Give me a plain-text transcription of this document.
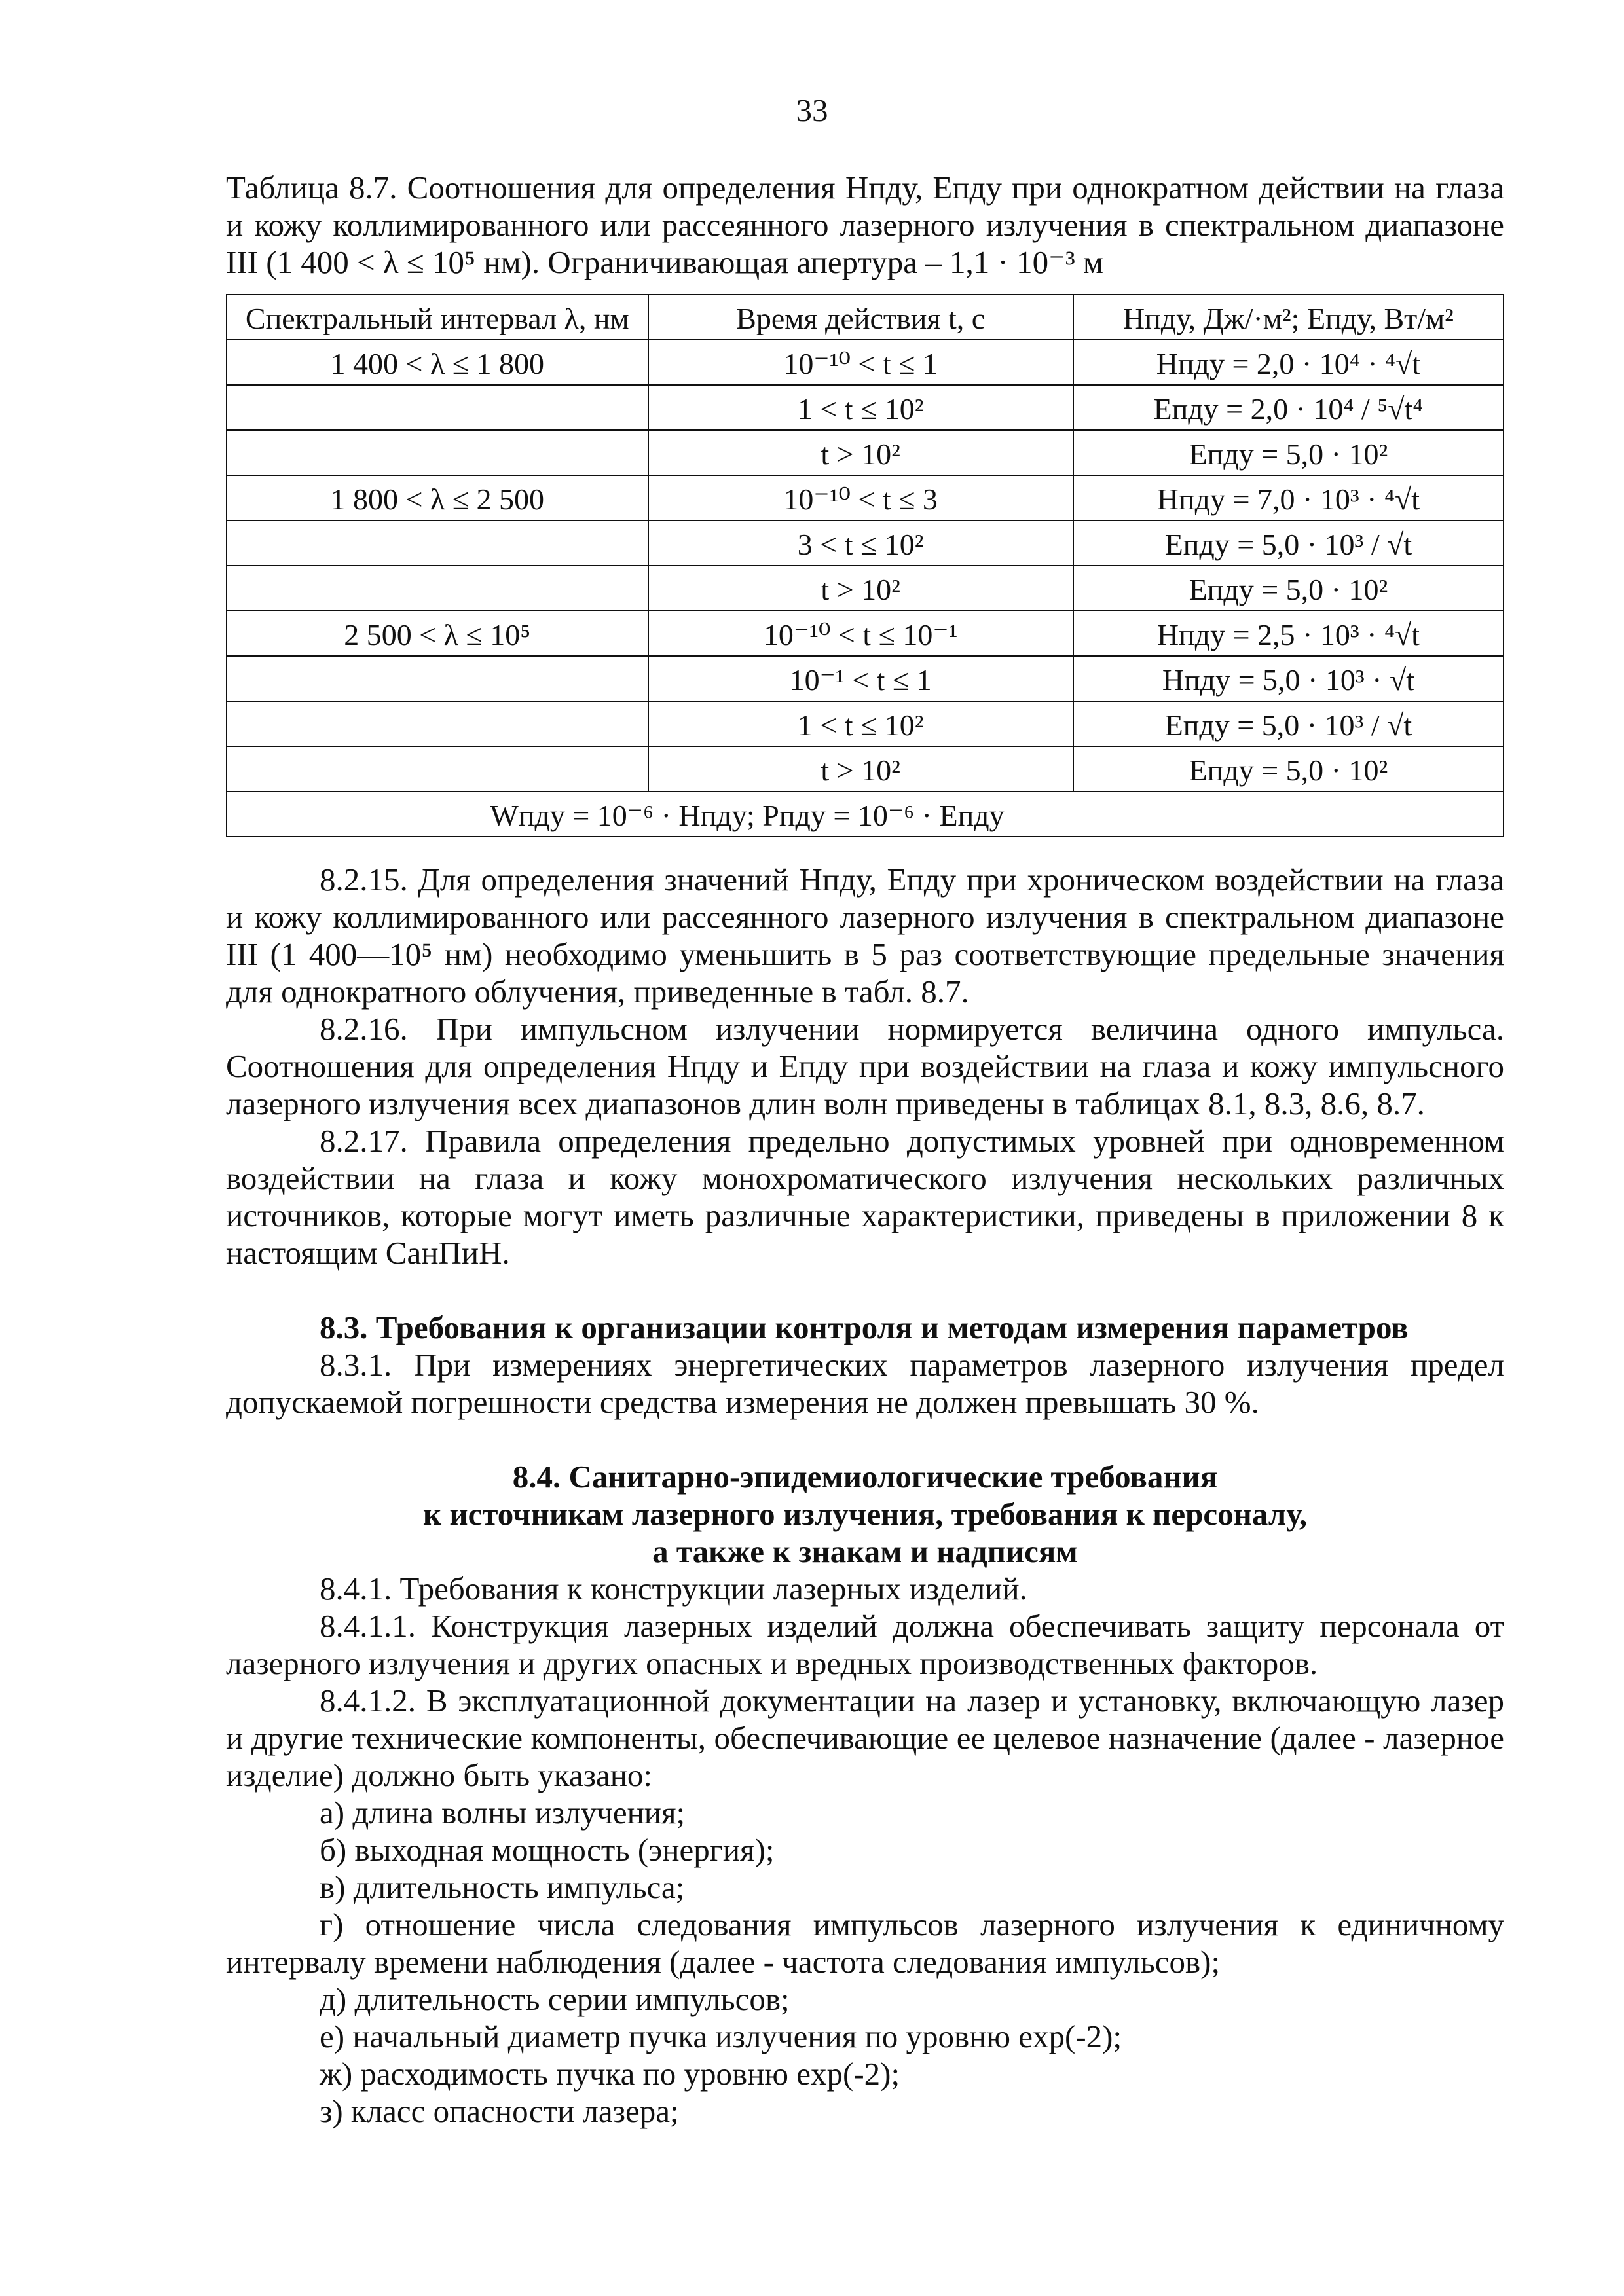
33

Таблица 8.7. Соотношения для определения Hпду, Eпду при однократном действии на глаза и кожу коллимированного или рассеянного лазерного излучения в спектральном диапазоне III (1 400 < λ ≤ 10⁵ нм). Ограничивающая апертура – 1,1 · 10⁻³ м

Спектральный интервал λ, нм	Время действия t, с	Hпду, Дж/·м²; Eпду, Вт/м²
1 400 < λ ≤ 1 800	10⁻¹⁰ < t ≤ 1	Hпду = 2,0 · 10⁴ · ⁴√t
	1 < t ≤ 10²	Eпду = 2,0 · 10⁴ / ⁵√t⁴
	t > 10²	Eпду = 5,0 · 10²
1 800 < λ ≤ 2 500	10⁻¹⁰ < t ≤ 3	Hпду = 7,0 · 10³ · ⁴√t
	3 < t ≤ 10²	Eпду = 5,0 · 10³ / √t
	t > 10²	Eпду = 5,0 · 10²
2 500 < λ ≤ 10⁵	10⁻¹⁰ < t ≤ 10⁻¹	Hпду = 2,5 · 10³ · ⁴√t
	10⁻¹ < t ≤ 1	Hпду = 5,0 · 10³ · √t
	1 < t ≤ 10²	Eпду = 5,0 · 10³ / √t
	t > 10²	Eпду = 5,0 · 10²
Wпду = 10⁻⁶ · Hпду; Pпду = 10⁻⁶ · Eпду		

8.2.15. Для определения значений Hпду, Eпду при хроническом воздействии на глаза и кожу коллимированного или рассеянного лазерного излучения в спектральном диапазоне III (1 400—10⁵ нм) необходимо уменьшить в 5 раз соответствующие предельные значения для однократного облучения, приведенные в табл. 8.7.

8.2.16. При импульсном излучении нормируется величина одного импульса. Соотношения для определения Hпду и Eпду при воздействии на глаза и кожу импульсного лазерного излучения всех диапазонов длин волн приведены в таблицах 8.1, 8.3, 8.6, 8.7.

8.2.17. Правила определения предельно допустимых уровней при одновременном воздействии на глаза и кожу монохроматического излучения нескольких различных источников, которые могут иметь различные характеристики, приведены в приложении 8 к настоящим СанПиН.

8.3. Требования к организации контроля и методам измерения параметров

8.3.1. При измерениях энергетических параметров лазерного излучения предел допускаемой погрешности средства измерения не должен превышать 30 %.

8.4. Санитарно-эпидемиологические требования

к источникам лазерного излучения, требования к персоналу,

а также к знакам и надписям

8.4.1. Требования к конструкции лазерных изделий.

8.4.1.1. Конструкция лазерных изделий должна обеспечивать защиту персонала от лазерного излучения и других опасных и вредных производственных факторов.

8.4.1.2. В эксплуатационной документации на лазер и установку, включающую лазер и другие технические компоненты, обеспечивающие ее целевое назначение (далее - лазерное изделие) должно быть указано:

а) длина волны излучения;

б) выходная мощность (энергия);

в) длительность импульса;

г) отношение числа следования импульсов лазерного излучения к единичному интервалу времени наблюдения (далее - частота следования импульсов);

д) длительность серии импульсов;

е) начальный диаметр пучка излучения по уровню exp(-2);

ж) расходимость пучка по уровню exp(-2);

з) класс опасности лазера;
